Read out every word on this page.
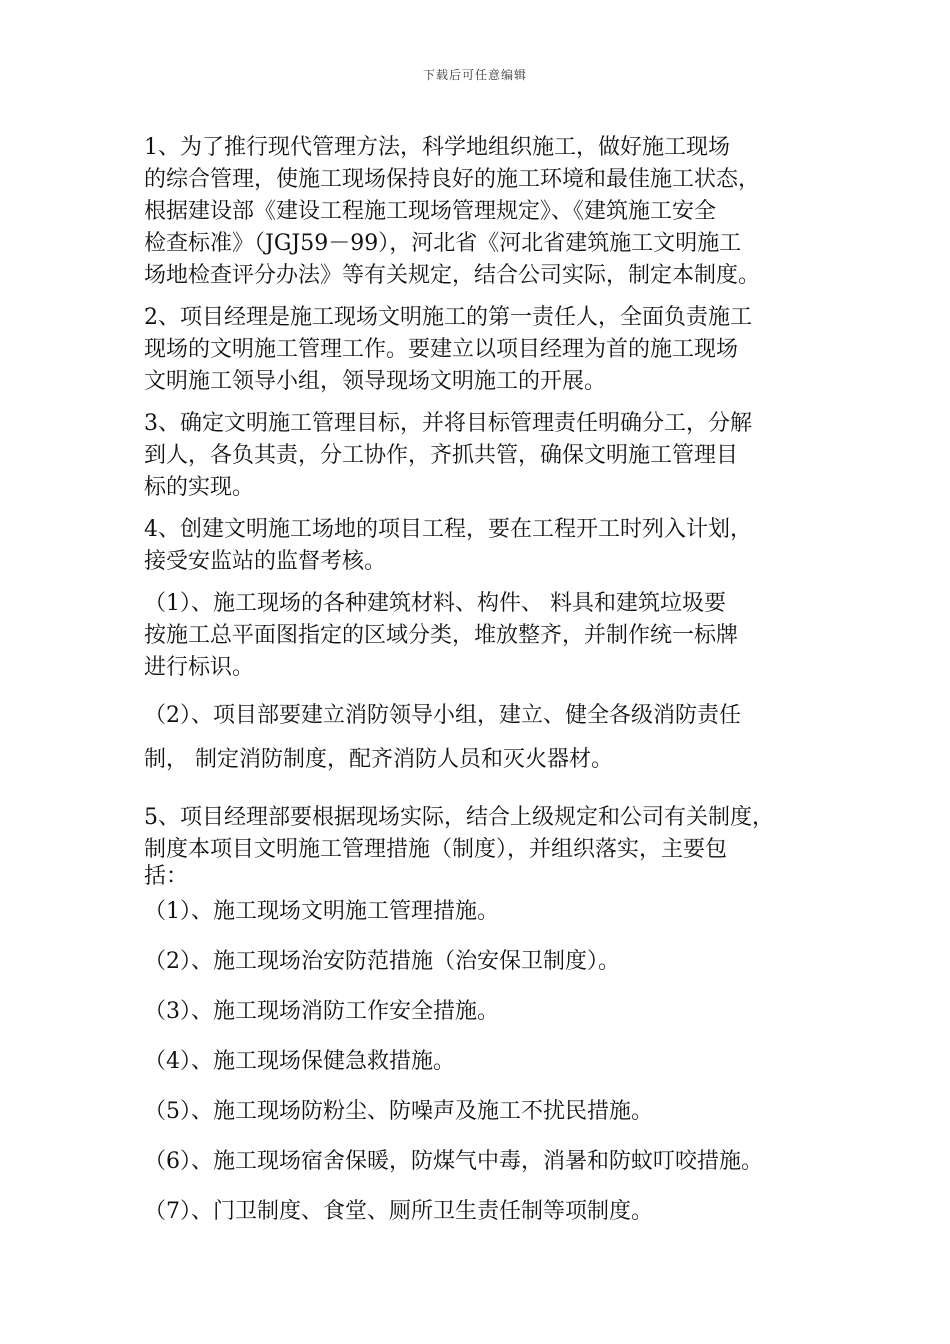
下载后可任意编辑

1、为了推行现代管理方法，科学地组织施工，做好施工现场
的综合管理，使施工现场保持良好的施工环境和最佳施工状态，
根据建设部《建设工程施工现场管理规定》、《建筑施工安全
检查标准》（JGJ59－99），河北省《河北省建筑施工文明施工
场地检查评分办法》等有关规定，结合公司实际，制定本制度。

2、项目经理是施工现场文明施工的第一责任人，全面负责施工
现场的文明施工管理工作。要建立以项目经理为首的施工现场
文明施工领导小组，领导现场文明施工的开展。

3、确定文明施工管理目标，并将目标管理责任明确分工，分解
到人，各负其责，分工协作，齐抓共管，确保文明施工管理目
标的实现。

4、创建文明施工场地的项目工程，要在工程开工时列入计划，
接受安监站的监督考核。

（1）、施工现场的各种建筑材料、构件、 料具和建筑垃圾要
按施工总平面图指定的区域分类，堆放整齐，并制作统一标牌
进行标识。

（2）、项目部要建立消防领导小组，建立、健全各级消防责任
制， 制定消防制度，配齐消防人员和灭火器材。

5、项目经理部要根据现场实际，结合上级规定和公司有关制度，
制度本项目文明施工管理措施（制度），并组织落实，主要包
括：

（1）、施工现场文明施工管理措施。

（2）、施工现场治安防范措施（治安保卫制度）。

（3）、施工现场消防工作安全措施。

（4）、施工现场保健急救措施。

（5）、施工现场防粉尘、防噪声及施工不扰民措施。

（6）、施工现场宿舍保暖，防煤气中毒，消暑和防蚊叮咬措施。

（7）、门卫制度、食堂、厕所卫生责任制等项制度。
